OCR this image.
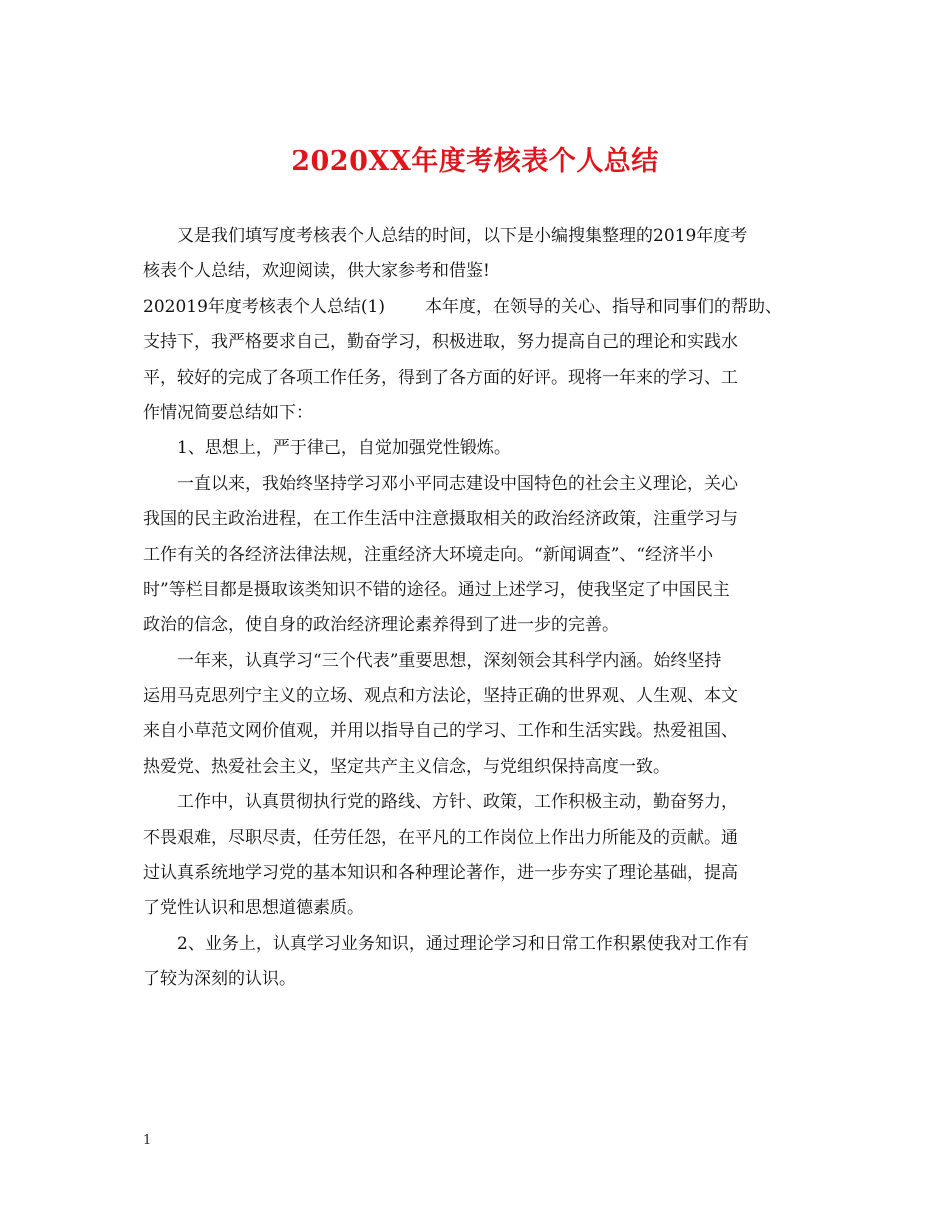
2020XX年度考核表个人总结
又是我们填写度考核表个人总结的时间，以下是小编搜集整理的2019年度考
核表个人总结，欢迎阅读，供大家参考和借鉴!
202019年度考核表个人总结(1) 本年度，在领导的关心、指导和同事们的帮助、
支持下，我严格要求自己，勤奋学习，积极进取，努力提高自己的理论和实践水
平，较好的完成了各项工作任务，得到了各方面的好评。现将一年来的学习、工
作情况简要总结如下：
1、思想上，严于律己，自觉加强党性锻炼。
一直以来，我始终坚持学习邓小平同志建设中国特色的社会主义理论，关心
我国的民主政治进程，在工作生活中注意摄取相关的政治经济政策，注重学习与
工作有关的各经济法律法规，注重经济大环境走向。“新闻调查”、“经济半小
时”等栏目都是摄取该类知识不错的途径。通过上述学习，使我坚定了中国民主
政治的信念，使自身的政治经济理论素养得到了进一步的完善。
一年来，认真学习“三个代表”重要思想，深刻领会其科学内涵。始终坚持
运用马克思列宁主义的立场、观点和方法论，坚持正确的世界观、人生观、本文
来自小草范文网价值观，并用以指导自己的学习、工作和生活实践。热爱祖国、
热爱党、热爱社会主义，坚定共产主义信念，与党组织保持高度一致。
工作中，认真贯彻执行党的路线、方针、政策，工作积极主动，勤奋努力，
不畏艰难，尽职尽责，任劳任怨，在平凡的工作岗位上作出力所能及的贡献。通
过认真系统地学习党的基本知识和各种理论著作，进一步夯实了理论基础，提高
了党性认识和思想道德素质。
2、业务上，认真学习业务知识，通过理论学习和日常工作积累使我对工作有
了较为深刻的认识。
1
